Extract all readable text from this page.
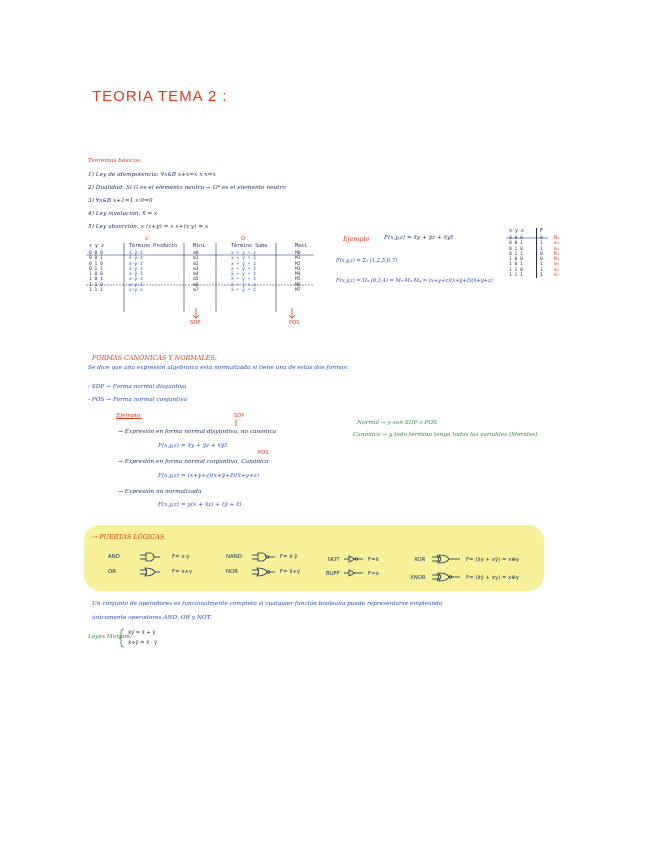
TEORIA TEMA 2 :
Teoremas básicos:
1) Ley de idempotencia: ∀x∈B x+x=x x·x=x
2) Dualidad: Si G es el elemento neutro → G* es el elemento neutro
3) ∀x∈B x+1=1 x·0=0
4) Ley involución: x̿ = x
5) Ley absorción: x·(x+y) = x x+(x·y) = x
x'	O
x y z	Término Producto	Mini	Término Suma	Maxi
0 0 0	x̄·ȳ·z̄	m0	x + y + z	M0
0 0 1	x̄·ȳ·z	m1	x + y + z̄	M1
0 1 0	x̄·y·z̄	m2	x + ȳ + z	M2
0 1 1	x̄·y·z	m3	x + ȳ + z̄	M3
1 0 0	x·ȳ·z̄	m4	x̄ + y + z	M4
1 0 1	x·ȳ·z	m5	x̄ + y + z̄	M5
1 1 0	x·y·z̄	m6	x̄ + ȳ + z	M6
1 1 1	x·y·z	m7	x̄ + ȳ + z̄	M7
SDP	POS
Ejemplo	F(x,y,z) = x̄y + ȳz + x̄yz̄
F(x,y,z) = Σ₃ (1,2,5,6,7)
F(x,y,z) = Π₃ (0,3,4) = M₀·M₃·M₄ = (x+y+z)(x+ȳ+z̄)(x̄+y+z)
x y z	F	
0 0 0	0	M₀
0 0 1	1	m₁
0 1 0	1	m₂
0 1 1	0	M₃
1 0 0	0	M₄
1 0 1	1	m₅
1 1 0	1	m₆
1 1 1	1	m₇
FORMAS CANÓNICAS Y NORMALES:
Se dice que una expresión algebraica está normalizada si tiene una de estas dos formas:
- SDP → Forma normal disyuntiva
- POS → Forma normal conjuntiva
Ejemplo:	SDP
→ Expresión en forma normal disyuntiva, no canónica
F(x,y,z) = x̄y + ȳz + x̄ȳz̄
POS
→ Expresión en forma normal conjuntiva, Canónica
F(x,y,z) = (x+y+z)(x+ȳ+z̄)(x̄+y+z)
→ Expresión no normalizada
F(x,y,z) = y(x + x̄z) + (ȳ + z̄)
Normal → y son SDP o POS
Canónica → y todo término tenga todas las variables (literales)
→ PUERTAS LÓGICAS
AND	F= x·y	NAND	F= x̄·ȳ	NOT	F=x̄	XOR	F= (x̄y + xȳ) = x⊕y
OR	F= x+y	NOR	F= x̄+ȳ	BUFF	F=x
XNOR	F= (x̄ȳ + xy) = x⊕y
Un conjunto de operadores es funcionalmente completo si cualquier función booleana puede representarse empleando
únicamente operadores AND, OR y NOT.
Leyes Morgan:
x̄ȳ = x̄ + ȳ
x̄+ȳ = x̄ · ȳ
